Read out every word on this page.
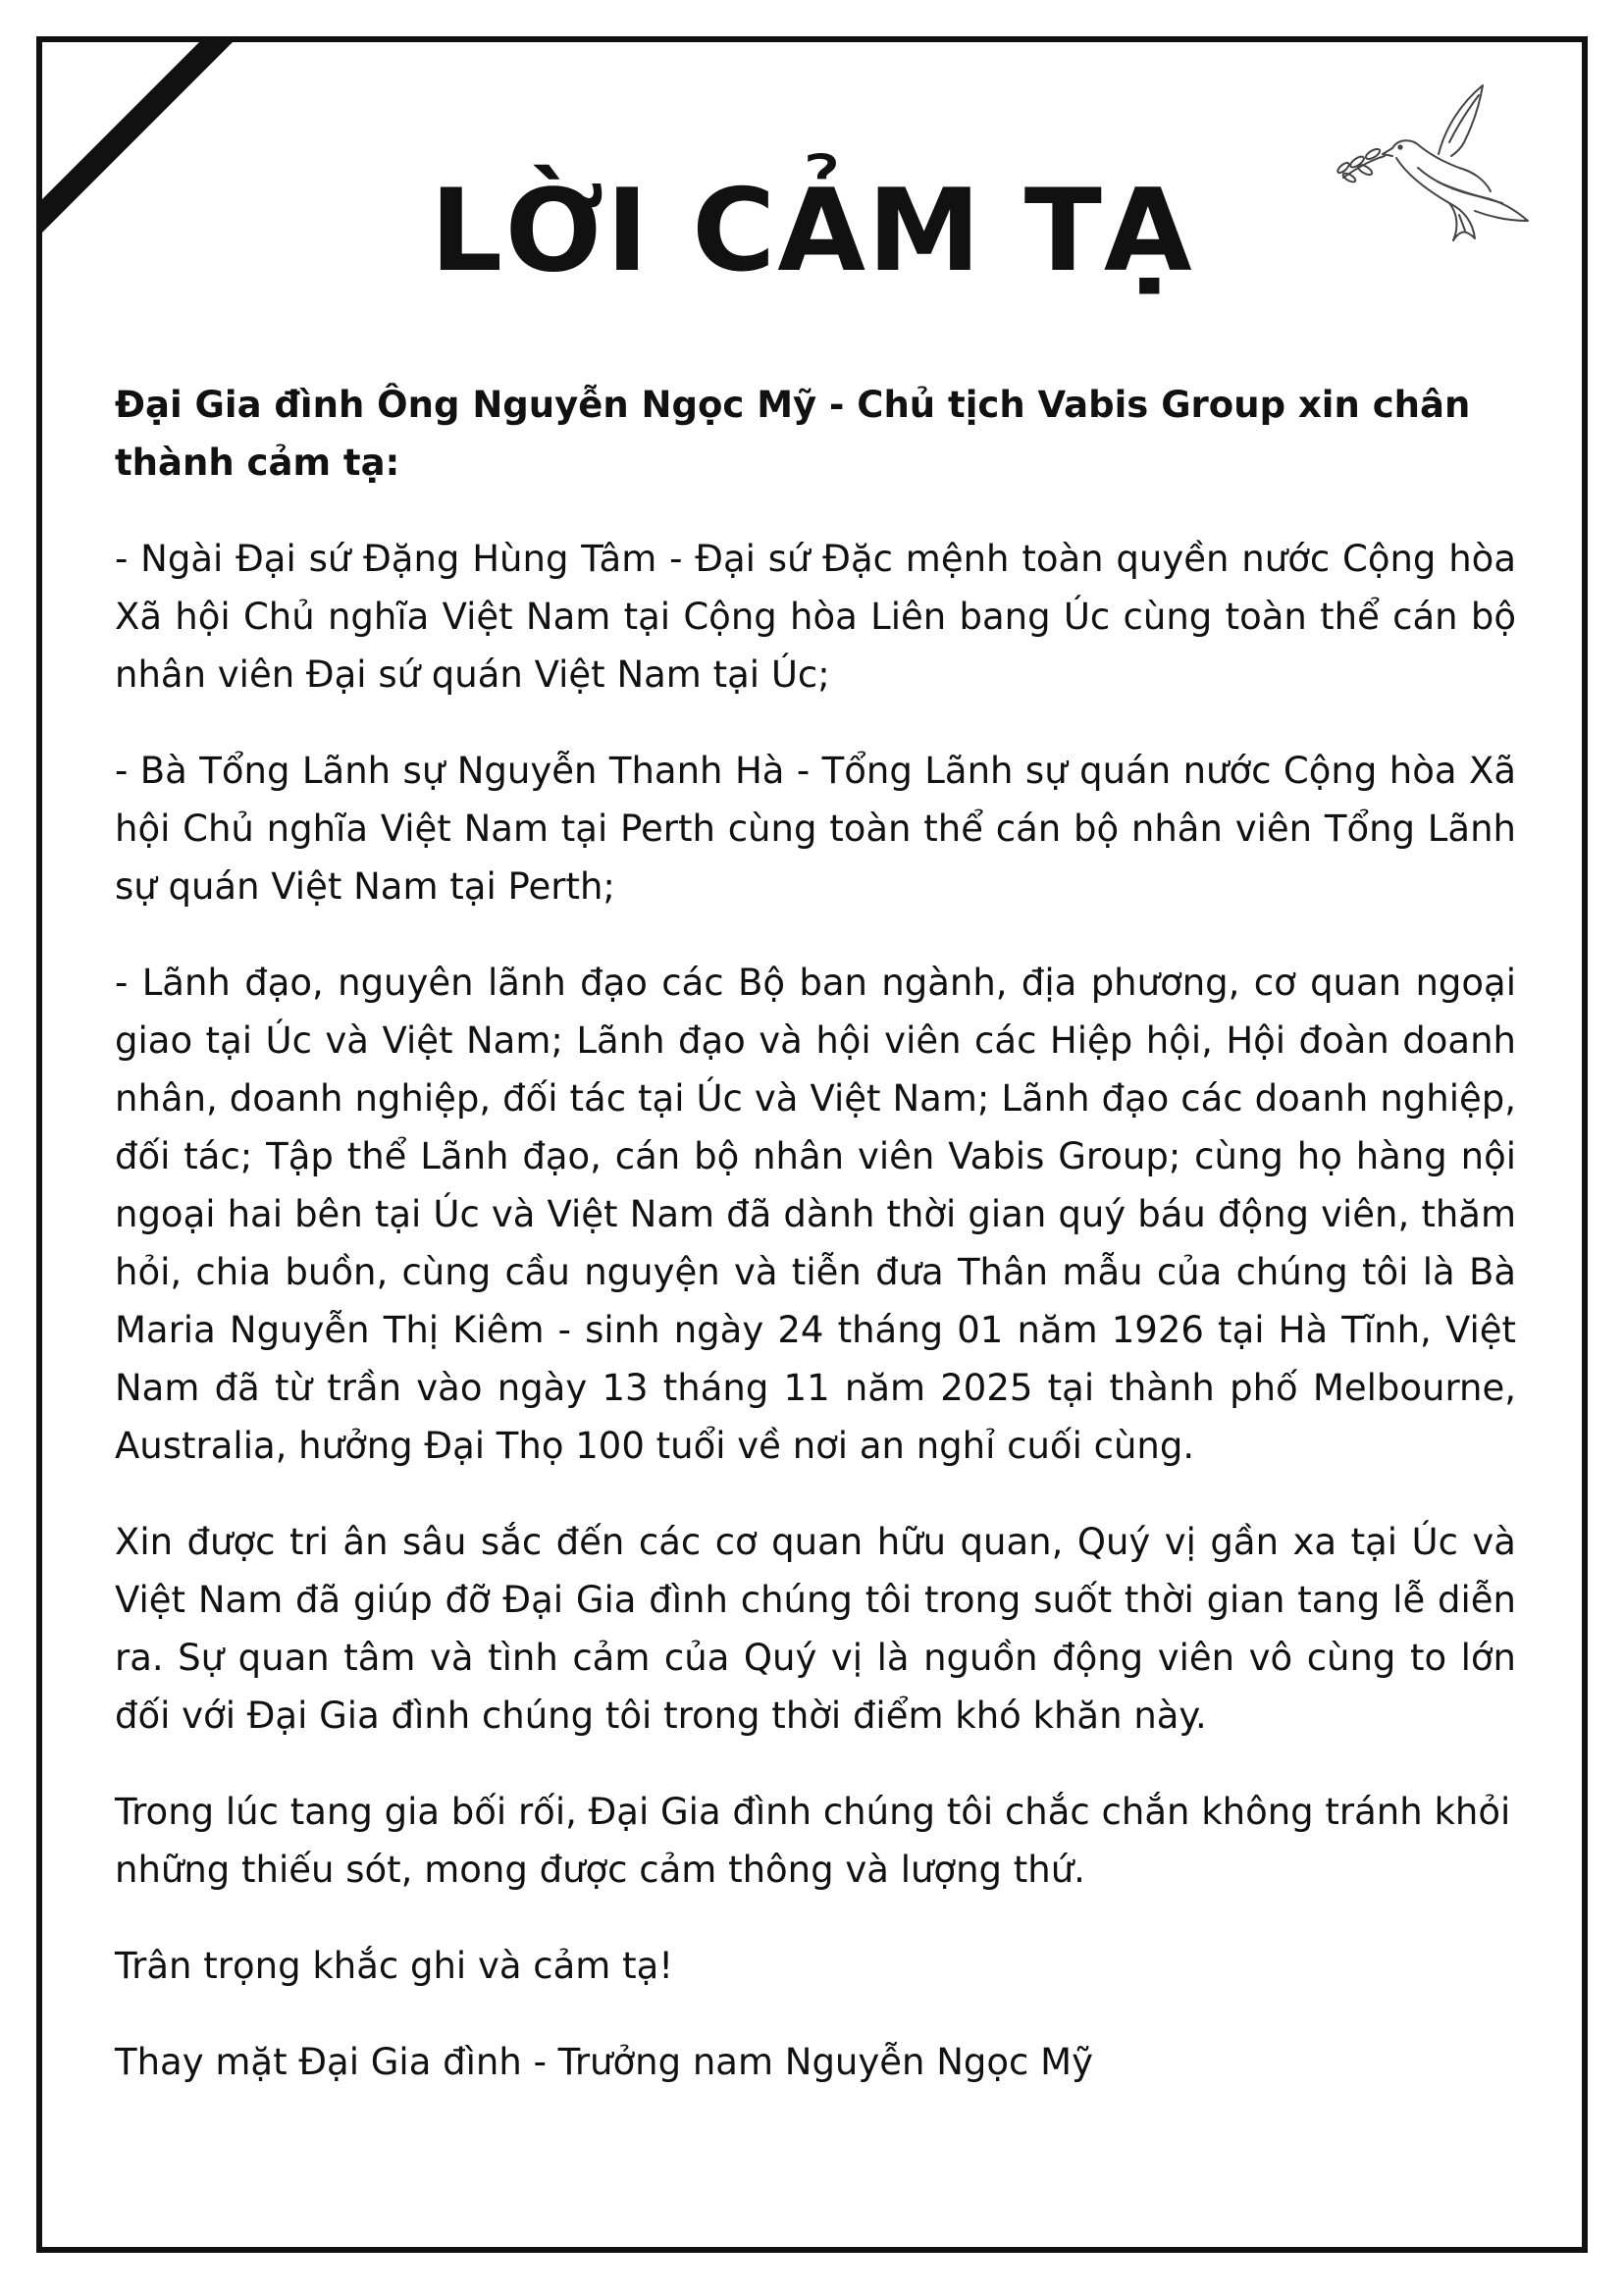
LỜI CẢM TẠ

Đại Gia đình Ông Nguyễn Ngọc Mỹ - Chủ tịch Vabis Group xin chân thành cảm tạ:

- Ngài Đại sứ Đặng Hùng Tâm - Đại sứ Đặc mệnh toàn quyền nước Cộng hòa Xã hội Chủ nghĩa Việt Nam tại Cộng hòa Liên bang Úc cùng toàn thể cán bộ nhân viên Đại sứ quán Việt Nam tại Úc;

- Bà Tổng Lãnh sự Nguyễn Thanh Hà - Tổng Lãnh sự quán nước Cộng hòa Xã hội Chủ nghĩa Việt Nam tại Perth cùng toàn thể cán bộ nhân viên Tổng Lãnh sự quán Việt Nam tại Perth;

- Lãnh đạo, nguyên lãnh đạo các Bộ ban ngành, địa phương, cơ quan ngoại giao tại Úc và Việt Nam; Lãnh đạo và hội viên các Hiệp hội, Hội đoàn doanh nhân, doanh nghiệp, đối tác tại Úc và Việt Nam; Lãnh đạo các doanh nghiệp, đối tác; Tập thể Lãnh đạo, cán bộ nhân viên Vabis Group; cùng họ hàng nội ngoại hai bên tại Úc và Việt Nam đã dành thời gian quý báu động viên, thăm hỏi, chia buồn, cùng cầu nguyện và tiễn đưa Thân mẫu của chúng tôi là Bà Maria Nguyễn Thị Kiêm - sinh ngày 24 tháng 01 năm 1926 tại Hà Tĩnh, Việt Nam đã từ trần vào ngày 13 tháng 11 năm 2025 tại thành phố Melbourne, Australia, hưởng Đại Thọ 100 tuổi về nơi an nghỉ cuối cùng.

Xin được tri ân sâu sắc đến các cơ quan hữu quan, Quý vị gần xa tại Úc và Việt Nam đã giúp đỡ Đại Gia đình chúng tôi trong suốt thời gian tang lễ diễn ra. Sự quan tâm và tình cảm của Quý vị là nguồn động viên vô cùng to lớn đối với Đại Gia đình chúng tôi trong thời điểm khó khăn này.

Trong lúc tang gia bối rối, Đại Gia đình chúng tôi chắc chắn không tránh khỏi những thiếu sót, mong được cảm thông và lượng thứ.

Trân trọng khắc ghi và cảm tạ!

Thay mặt Đại Gia đình - Trưởng nam Nguyễn Ngọc Mỹ
